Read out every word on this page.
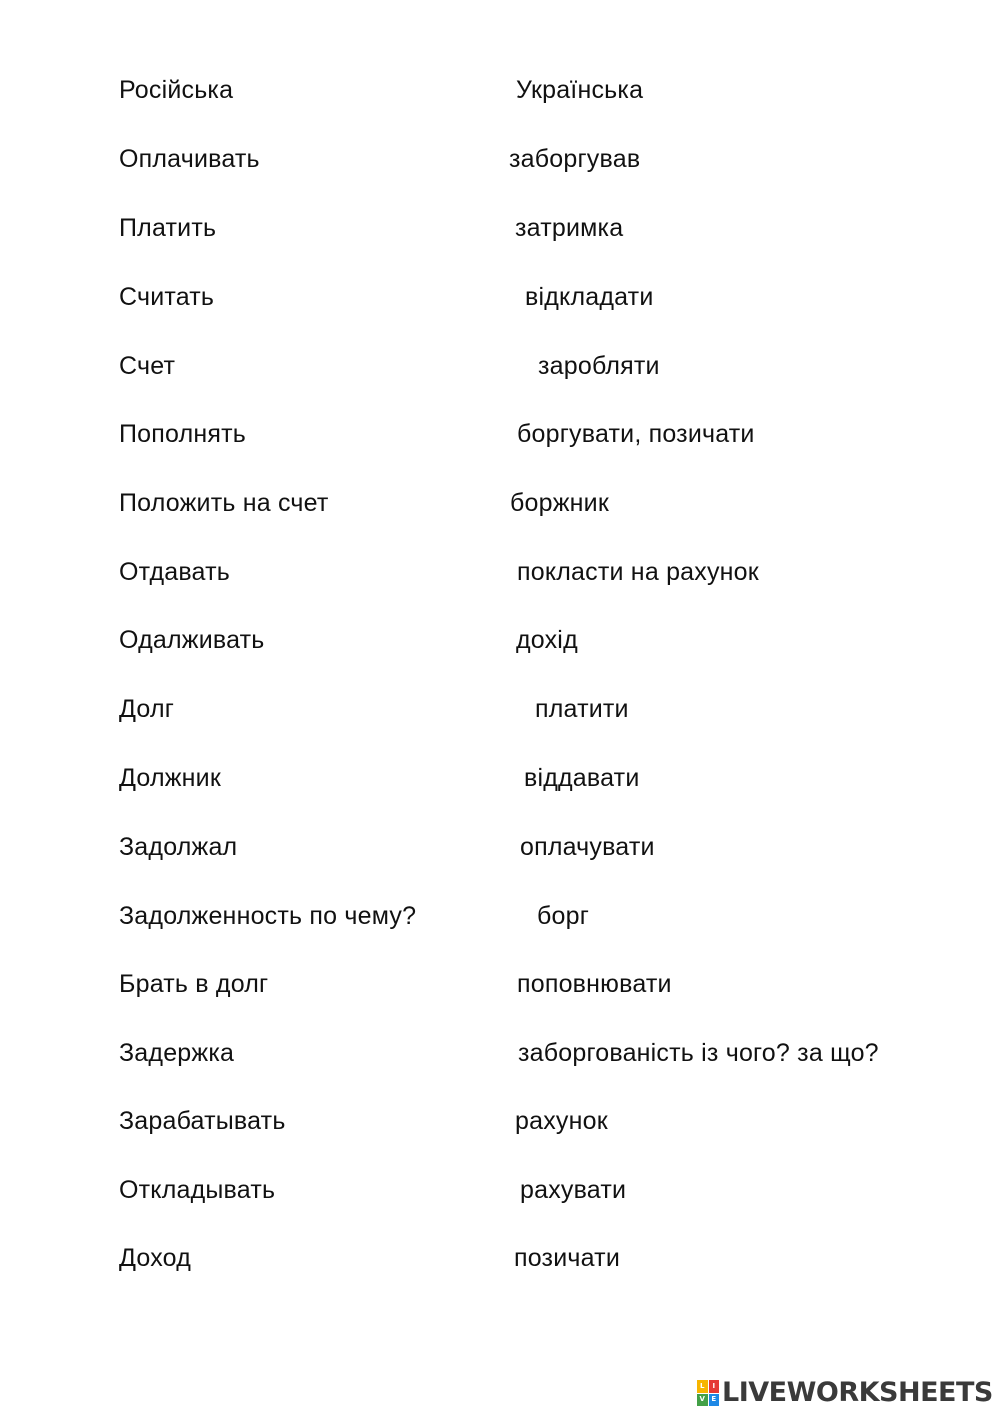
Російська	Українська
Оплачивать	заборгував
Платить	затримка
Считать	відкладати
Счет	заробляти
Пополнять	боргувати, позичати
Положить на счет	боржник
Отдавать	покласти на рахунок
Одалживать	дохід
Долг	платити
Должник	віддавати
Задолжал	оплачувати
Задолженность по чему?	борг
Брать в долг	поповнювати
Задержка	заборгованість із чого? за що?
Зарабатывать	рахунок
Откладывать	рахувати
Доход	позичати
L	I
V E LIVEWORKSHEETS
